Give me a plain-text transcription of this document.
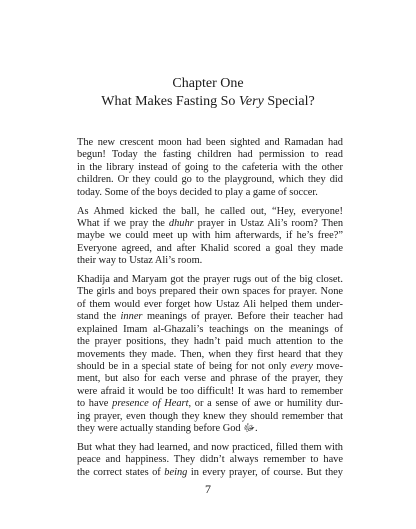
Chapter One
What Makes Fasting So Very Special?

The new crescent moon had been sighted and Ramadan had
begun! Today the fasting children had permission to read
in the library instead of going to the cafeteria with the other
children. Or they could go to the playground, which they did
today. Some of the boys decided to play a game of soccer.

As Ahmed kicked the ball, he called out, “Hey, everyone!
What if we pray the dhuhr prayer in Ustaz Ali’s room? Then
maybe we could meet up with him afterwards, if he’s free?”
Everyone agreed, and after Khalid scored a goal they made
their way to Ustaz Ali’s room.

Khadija and Maryam got the prayer rugs out of the big closet.
The girls and boys prepared their own spaces for prayer. None
of them would ever forget how Ustaz Ali helped them under-
stand the inner meanings of prayer. Before their teacher had
explained Imam al-Ghazali’s teachings on the meanings of
the prayer positions, they hadn’t paid much attention to the
movements they made. Then, when they first heard that they
should be in a special state of being for not only every move-
ment, but also for each verse and phrase of the prayer, they
were afraid it would be too difficult! It was hard to remember
to have presence of Heart, or a sense of awe or humility dur-
ing prayer, even though they knew they should remember that
they were actually standing before God ﷻ.

But what they had learned, and now practiced, filled them with
peace and happiness. They didn’t always remember to have
the correct states of being in every prayer, of course. But they

7
